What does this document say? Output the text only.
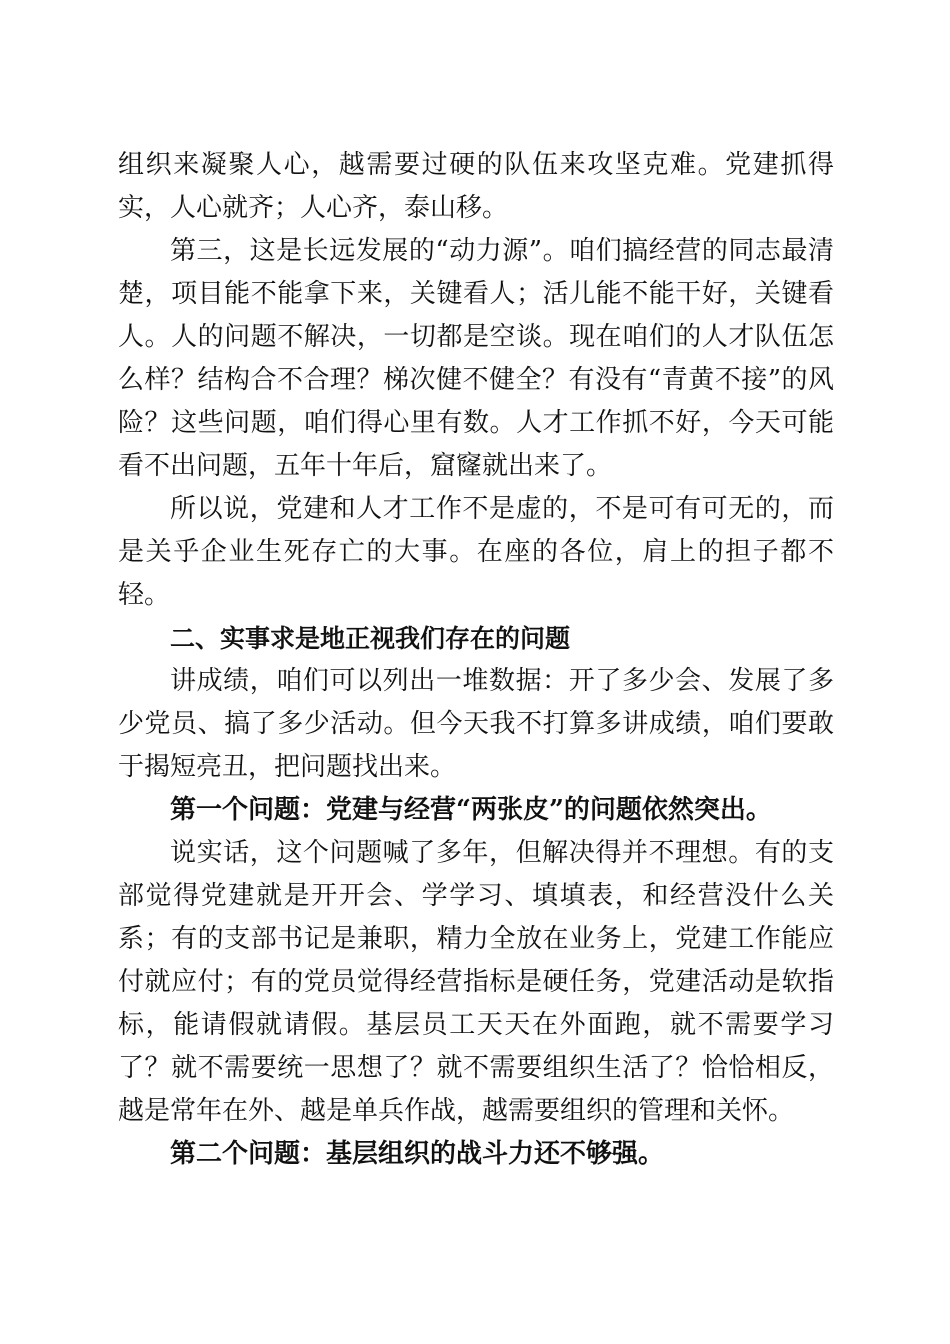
组织来凝聚人心，越需要过硬的队伍来攻坚克难。党建抓得实，人心就齐；人心齐，泰山移。

第三，这是长远发展的“动力源”。咱们搞经营的同志最清楚，项目能不能拿下来，关键看人；活儿能不能干好，关键看人。人的问题不解决，一切都是空谈。现在咱们的人才队伍怎么样？结构合不合理？梯次健不健全？有没有“青黄不接”的风险？这些问题，咱们得心里有数。人才工作抓不好，今天可能看不出问题，五年十年后，窟窿就出来了。

所以说，党建和人才工作不是虚的，不是可有可无的，而是关乎企业生死存亡的大事。在座的各位，肩上的担子都不轻。

二、实事求是地正视我们存在的问题

讲成绩，咱们可以列出一堆数据：开了多少会、发展了多少党员、搞了多少活动。但今天我不打算多讲成绩，咱们要敢于揭短亮丑，把问题找出来。

第一个问题：党建与经营“两张皮”的问题依然突出。

说实话，这个问题喊了多年，但解决得并不理想。有的支部觉得党建就是开开会、学学习、填填表，和经营没什么关系；有的支部书记是兼职，精力全放在业务上，党建工作能应付就应付；有的党员觉得经营指标是硬任务，党建活动是软指标，能请假就请假。基层员工天天在外面跑，就不需要学习了？就不需要统一思想了？就不需要组织生活了？恰恰相反，越是常年在外、越是单兵作战，越需要组织的管理和关怀。

第二个问题：基层组织的战斗力还不够强。
